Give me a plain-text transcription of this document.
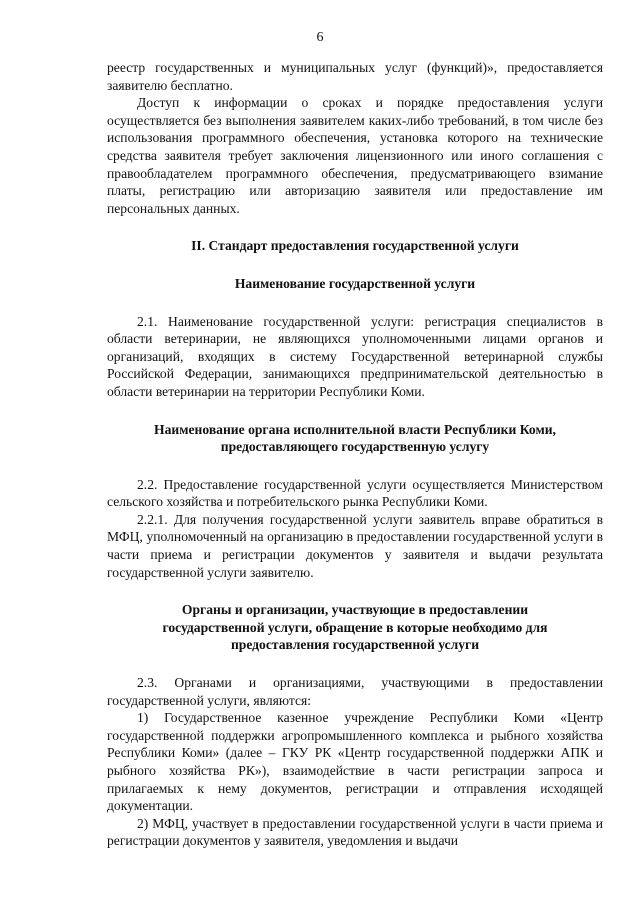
6

реестр государственных и муниципальных услуг (функций)», предоставляется заявителю бесплатно.

Доступ к информации о сроках и порядке предоставления услуги осуществляется без выполнения заявителем каких-либо требований, в том числе без использования программного обеспечения, установка которого на технические средства заявителя требует заключения лицензионного или иного соглашения с правообладателем программного обеспечения, предусматривающего взимание платы, регистрацию или авторизацию заявителя или предоставление им персональных данных.

II. Стандарт предоставления государственной услуги
Наименование государственной услуги

2.1. Наименование государственной услуги: регистрация специалистов в области ветеринарии, не являющихся уполномоченными лицами органов и организаций, входящих в систему Государственной ветеринарной службы Российской Федерации, занимающихся предпринимательской деятельностью в области ветеринарии на территории Республики Коми.

Наименование органа исполнительной власти Республики Коми,
предоставляющего государственную услугу

2.2. Предоставление государственной услуги осуществляется Министерством сельского хозяйства и потребительского рынка Республики Коми.

2.2.1. Для получения государственной услуги заявитель вправе обратиться в МФЦ, уполномоченный на организацию в предоставлении государственной услуги в части приема и регистрации документов у заявителя и выдачи результата государственной услуги заявителю.

Органы и организации, участвующие в предоставлении
государственной услуги, обращение в которые необходимо для
предоставления государственной услуги

2.3. Органами и организациями, участвующими в предоставлении государственной услуги, являются:

1) Государственное казенное учреждение Республики Коми «Центр государственной поддержки агропромышленного комплекса и рыбного хозяйства Республики Коми» (далее – ГКУ РК «Центр государственной поддержки АПК и рыбного хозяйства РК»), взаимодействие в части регистрации запроса и прилагаемых к нему документов, регистрации и отправления исходящей документации.

2) МФЦ, участвует в предоставлении государственной услуги в части приема и регистрации документов у заявителя, уведомления и выдачи
